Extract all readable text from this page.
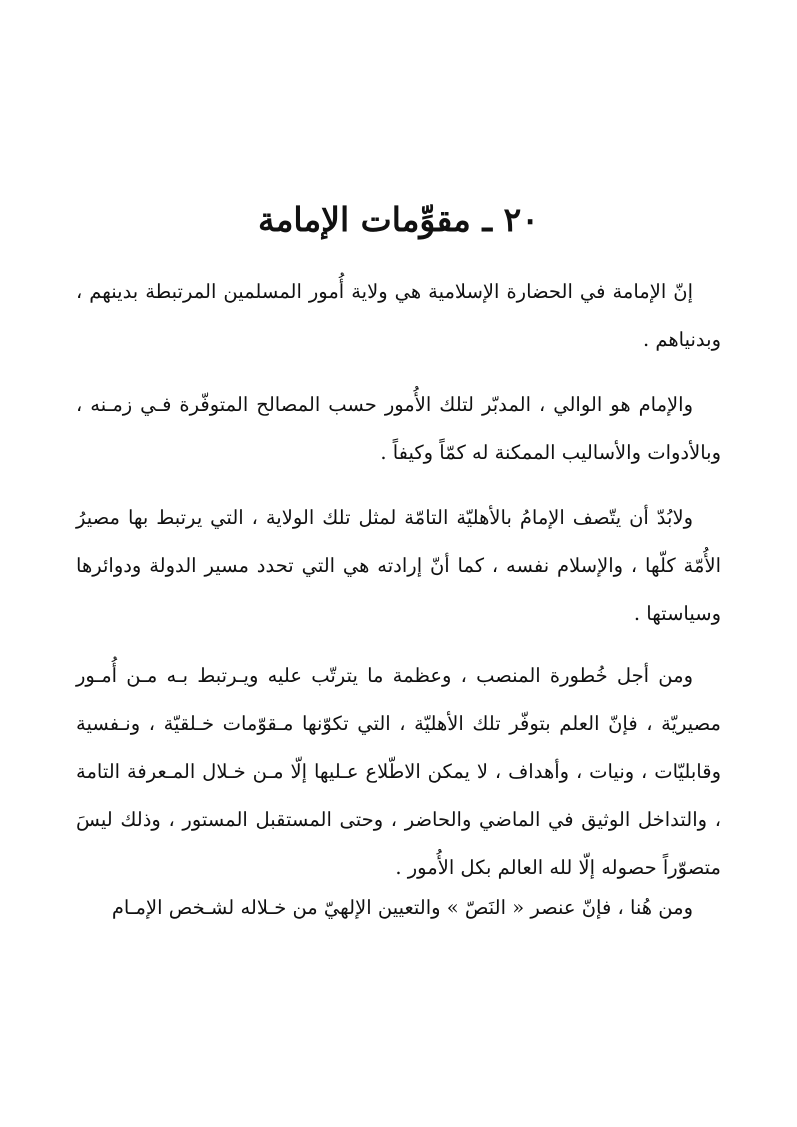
٢٠ ـ مقوِّمات الإمامة

إنّ الإمامة في الحضارة الإسلامية هي ولاية أُمور المسلمين المرتبطة بدينهم ، وبدنياهم .

والإمام هو الوالي ، المدبّر لتلك الأُمور حسب المصالح المتوفّرة فـي زمـنه ، وبالأدوات والأساليب الممكنة له كمّاً وكيفاً .

ولابُدّ أن يتّصف الإمامُ بالأهليّة التامّة لمثل تلك الولاية ، التي يرتبط بها مصيرُ الأُمّة كلّها ، والإسلام نفسه ، كما أنّ إرادته هي التي تحدد مسير الدولة ودوائرها وسياستها .

ومن أجل خُطورة المنصب ، وعظمة ما يترتّب عليه ويـرتبط بـه مـن أُمـور مصيريّة ، فإنّ العلم بتوفّر تلك الأهليّة ، التي تكوّنها مـقوّمات خـلقيّة ، ونـفسية وقابليّات ، ونيات ، وأهداف ، لا يمكن الاطّلاع عـليها إلّا مـن خـلال المـعرفة التامة ، والتداخل الوثيق في الماضي والحاضر ، وحتى المستقبل المستور ، وذلك ليسَ متصوّراً حصوله إلّا لله العالم بكل الأُمور .

ومن هُنا ، فإنّ عنصر « النَصّ » والتعيين الإلهيّ من خـلاله لشـخص الإمـام
